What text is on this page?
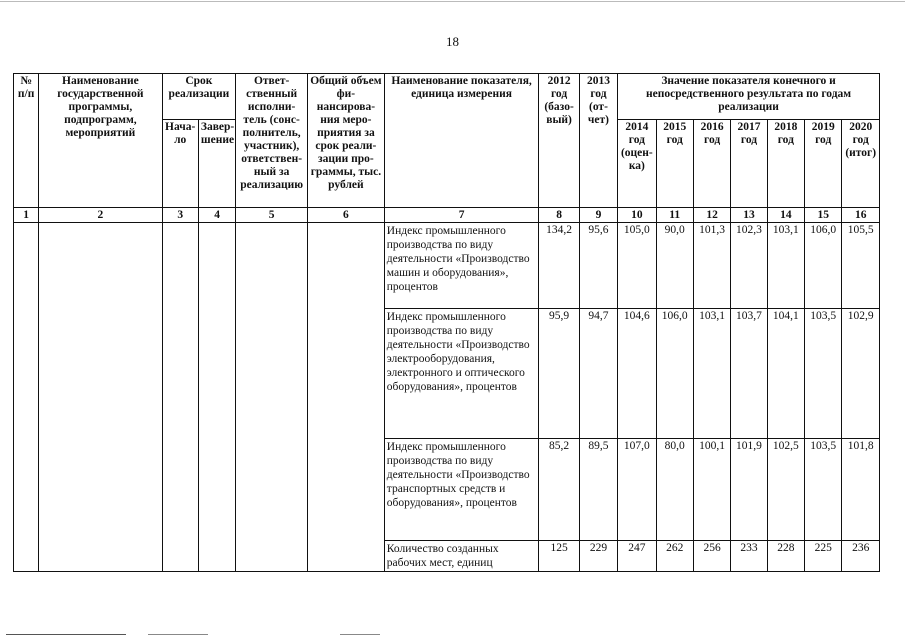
18
№ п/п	Наименование государственной программы, подпрограмм, мероприятий	Срок реализации		Ответ-ственный исполни-тель (сонс-полнитель, участник), ответствен-ный за реализацию	Общий объем фи-нансирова-ния меро-приятия за срок реали-зации про-граммы, тыс. рублей	Наименование показателя, единица измерения	2012 год (базо-вый)	2013 год (от-чет)	Значение показателя конечного и непосредственного результата по годам реализации						
		Нача-ло	Завер-шение						2014 год (оцен-ка)	2015 год	2016 год	2017 год	2018 год	2019 год	2020 год (итог)
1	2	3	4	5	6	7	8	9	10	11	12	13	14	15	16
						Индекс промышленного производства по виду деятельности «Производство машин и оборудования», процентов	134,2	95,6	105,0	90,0	101,3	102,3	103,1	106,0	105,5
						Индекс промышленного производства по виду деятельности «Производство электрооборудования, электронного и оптического оборудования», процентов	95,9	94,7	104,6	106,0	103,1	103,7	104,1	103,5	102,9
						Индекс промышленного производства по виду деятельности «Производство транспортных средств и оборудования», процентов	85,2	89,5	107,0	80,0	100,1	101,9	102,5	103,5	101,8
						Количество созданных рабочих мест, единиц	125	229	247	262	256	233	228	225	236
